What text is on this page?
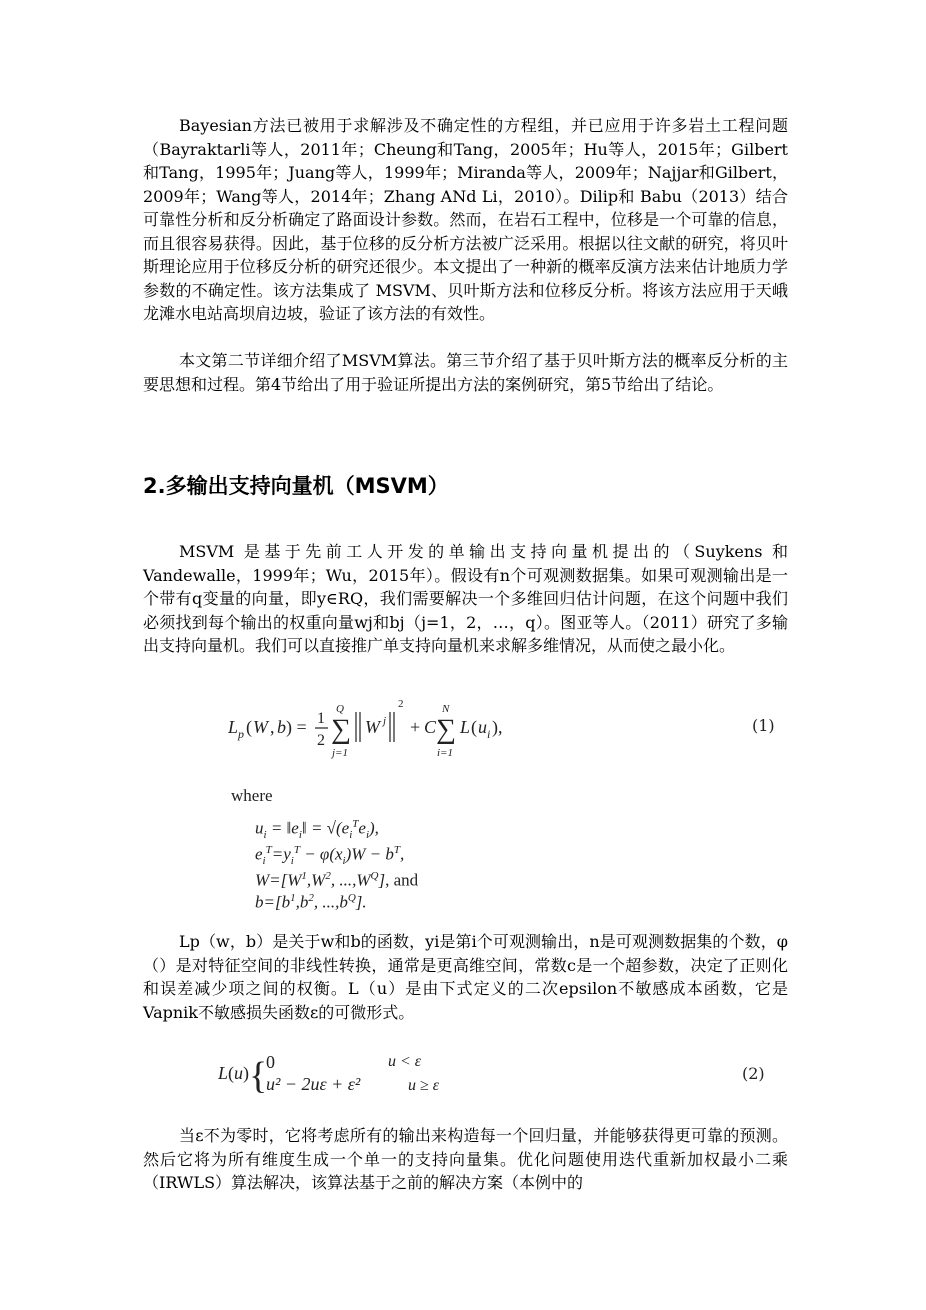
Bayesian方法已被用于求解涉及不确定性的方程组，并已应用于许多岩土工程问题（Bayraktarli等人，2011年；Cheung和Tang，2005年；Hu等人，2015年；Gilbert和Tang，1995年；Juang等人，1999年；Miranda等人，2009年；Najjar和Gilbert，2009年；Wang等人，2014年；Zhang ANd Li，2010）。Dilip和 Babu（2013）结合可靠性分析和反分析确定了路面设计参数。然而，在岩石工程中，位移是一个可靠的信息，而且很容易获得。因此，基于位移的反分析方法被广泛采用。根据以往文献的研究，将贝叶斯理论应用于位移反分析的研究还很少。本文提出了一种新的概率反演方法来估计地质力学参数的不确定性。该方法集成了 MSVM、贝叶斯方法和位移反分析。将该方法应用于天峨龙滩水电站高坝肩边坡，验证了该方法的有效性。

本文第二节详细介绍了MSVM算法。第三节介绍了基于贝叶斯方法的概率反分析的主要思想和过程。第4节给出了用于验证所提出方法的案例研究，第5节给出了结论。

2.多输出支持向量机（MSVM）

MSVM 是基于先前工人开发的单输出支持向量机提出的（Suykens 和Vandewalle，1999年；Wu，2015年）。假设有n个可观测数据集。如果可观测输出是一个带有q变量的向量，即y∈RQ，我们需要解决一个多维回归估计问题，在这个问题中我们必须找到每个输出的权重向量wj和bj（j=1，2，…，q）。图亚等人。（2011）研究了多输出支持向量机。我们可以直接推广单支持向量机来求解多维情况，从而使之最小化。

L p ( W , b ) = 1
2 ∑
Q
j=1
W j
2
+ C ∑
N
i=1
L ( u i ),	(1)
where
$u_i$ = $‖e_i‖ = √(e_i^Te_i)$,
$e_i^T=y_i^T - \varphi(x_i)W - b^T$,
$W=[W^1,W^2$, $...,W^Q$], and
$b=[b^1,b^2$, $...,b^Q$].

Lp（w，b）是关于w和b的函数，yi是第i个可观测输出，n是可观测数据集的个数，φ（）是对特征空间的非线性转换，通常是更高维空间，常数c是一个超参数，决定了正则化和误差减少项之间的权衡。L（u）是由下式定义的二次epsilon不敏感成本函数，它是Vapnik不敏感损失函数ε的可微形式。

L ( u ) {
0
u² − 2uε + ε²
u < ε
u ≥ ε
(2)

当ε不为零时，它将考虑所有的输出来构造每一个回归量，并能够获得更可靠的预测。然后它将为所有维度生成一个单一的支持向量集。优化问题使用迭代重新加权最小二乘（IRWLS）算法解决，该算法基于之前的解决方案（本例中的
